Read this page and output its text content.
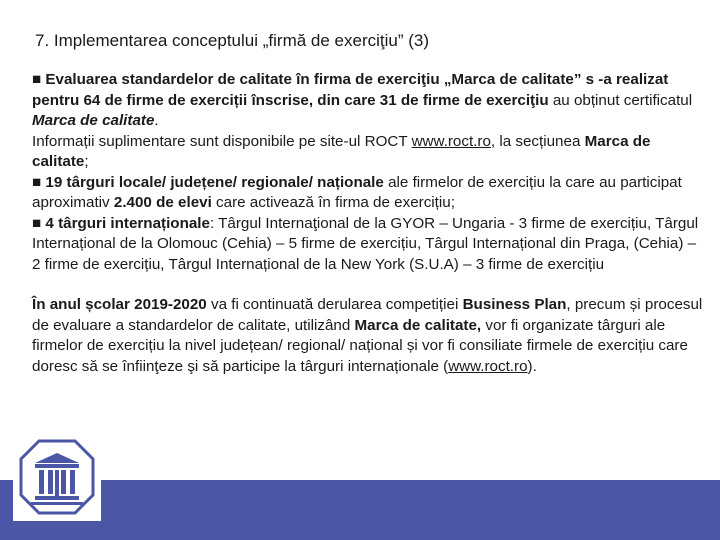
7. Implementarea conceptului „firmă de exerciţiu” (3)

■ Evaluarea standardelor de calitate în firma de exerciţiu „Marca de calitate” s -a realizat pentru 64 de firme de exerciții înscrise, din care 31 de firme de exerciţiu au obținut certificatul Marca de calitate.

Informații suplimentare sunt disponibile pe site-ul ROCT www.roct.ro, la secțiunea Marca de calitate;

■ 19 târguri locale/ județene/ regionale/ naționale ale firmelor de exercițiu la care au participat aproximativ 2.400 de elevi care activează în firma de exercițiu;

■ 4 târguri internaționale: Târgul Internaţional de la GYOR – Ungaria - 3 firme de exercițiu, Târgul Internațional de la Olomouc (Cehia) – 5 firme de exercițiu, Târgul Internațional din Praga, (Cehia) – 2 firme de exercițiu, Târgul Internațional de la New York (S.U.A) – 3 firme de exercițiu

În anul școlar 2019-2020 va fi continuată derularea competiției Business Plan, precum și procesul de evaluare a standardelor de calitate, utilizând Marca de calitate, vor fi organizate târguri ale firmelor de exercițiu la nivel județean/ regional/ național și vor fi consiliate firmele de exercițiu care doresc să se înfiinţeze şi să participe la târguri internaționale (www.roct.ro).
